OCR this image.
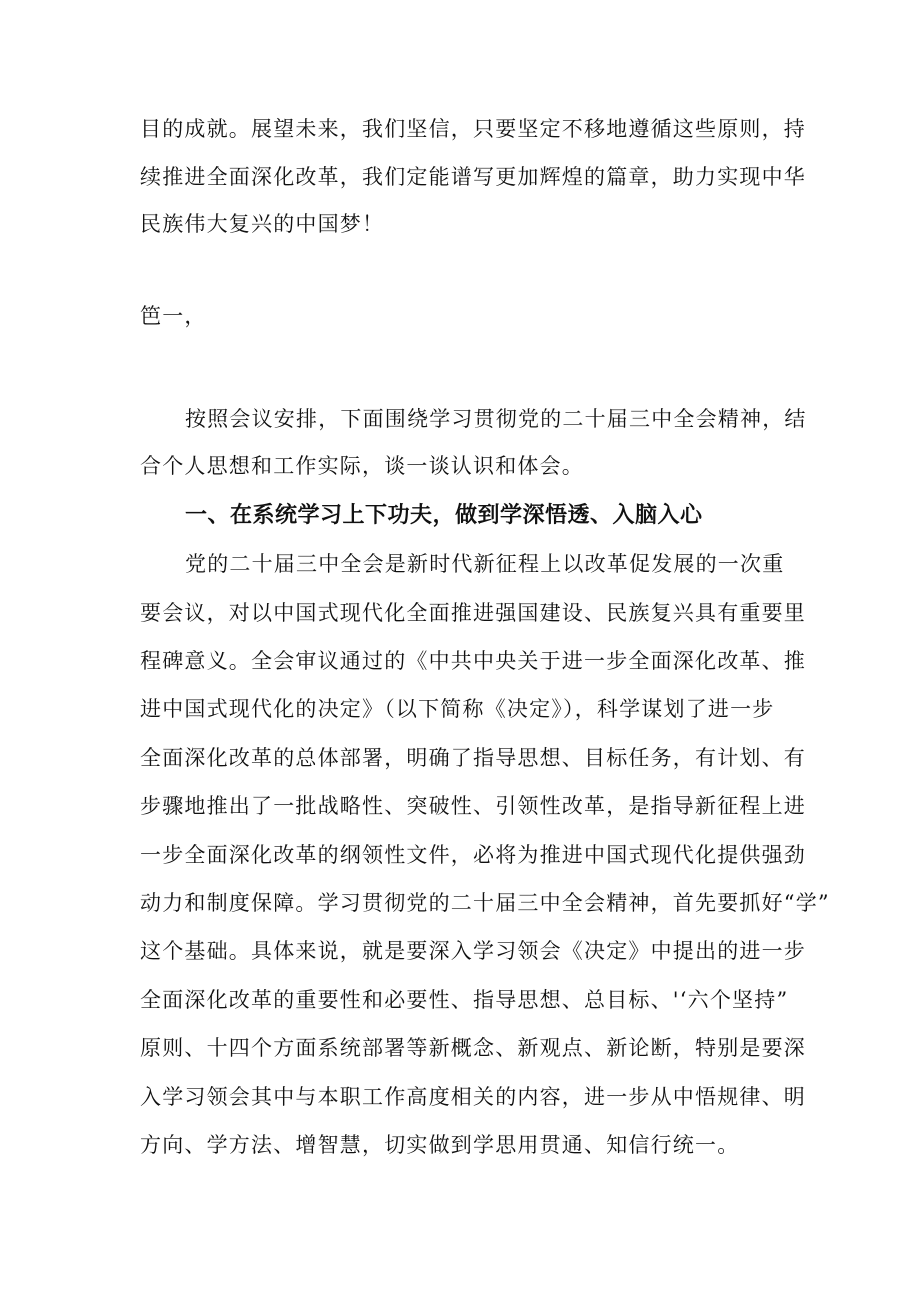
目的成就。展望未来，我们坚信，只要坚定不移地遵循这些原则，持
续推进全面深化改革，我们定能谱写更加辉煌的篇章，助力实现中华
民族伟大复兴的中国梦！
笆一，
按照会议安排，下面围绕学习贯彻党的二十届三中全会精神，结
合个人思想和工作实际，谈一谈认识和体会。
一、在系统学习上下功夫，做到学深悟透、入脑入心
党的二十届三中全会是新时代新征程上以改革促发展的一次重
要会议，对以中国式现代化全面推进强国建设、民族复兴具有重要里
程碑意义。全会审议通过的《中共中央关于进一步全面深化改革、推
进中国式现代化的决定》（以下简称《决定》），科学谋划了进一步
全面深化改革的总体部署，明确了指导思想、目标任务，有计划、有
步骤地推出了一批战略性、突破性、引领性改革，是指导新征程上进
一步全面深化改革的纲领性文件，必将为推进中国式现代化提供强劲
动力和制度保障。学习贯彻党的二十届三中全会精神，首先要抓好“学”
这个基础。具体来说，就是要深入学习领会《决定》中提出的进一步
全面深化改革的重要性和必要性、指导思想、总目标、'‘六个坚持”
原则、十四个方面系统部署等新概念、新观点、新论断，特别是要深
入学习领会其中与本职工作高度相关的内容，进一步从中悟规律、明
方向、学方法、增智慧，切实做到学思用贯通、知信行统一。
